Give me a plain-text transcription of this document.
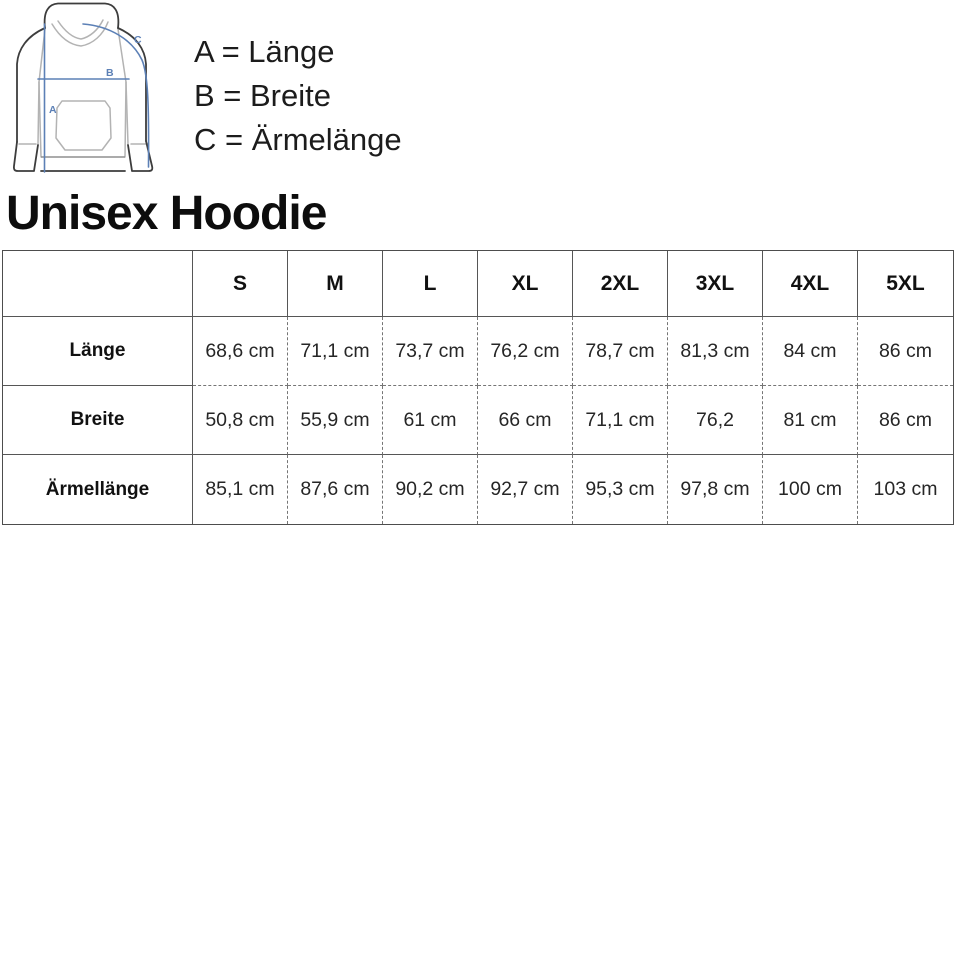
A
B
C A = Länge
B = Breite
C = Ärmelänge
Unisex Hoodie
	S	M	L	XL	2XL	3XL	4XL	5XL
Länge	68,6 cm	71,1 cm	73,7 cm	76,2 cm	78,7 cm	81,3 cm	84 cm	86 cm
Breite	50,8 cm	55,9 cm	61 cm	66 cm	71,1 cm	76,2	81 cm	86 cm
Ärmellänge	85,1 cm	87,6 cm	90,2 cm	92,7 cm	95,3 cm	97,8 cm	100 cm	103 cm
